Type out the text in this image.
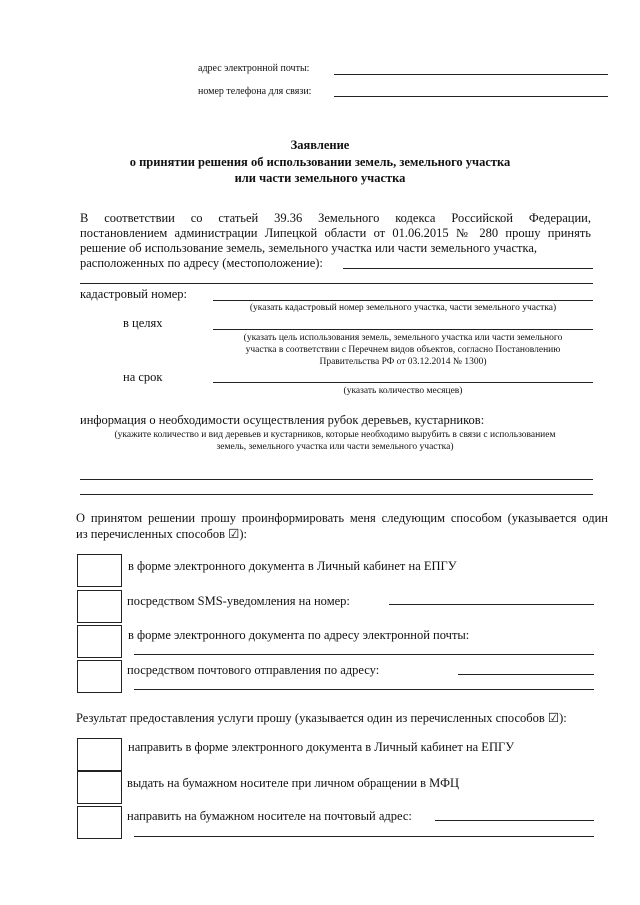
адрес электронной почты:
номер телефона для связи:
Заявление
о принятии решения об использовании земель, земельного участка
или части земельного участка
В соответствии со статьей 39.36 Земельного кодекса Российской Федерации,
постановлением администрации Липецкой области от 01.06.2015 № 280 прошу принять
решение об использование земель, земельного участка или части земельного участка,
расположенных по адресу (местоположение):
кадастровый номер:
(указать кадастровый номер земельного участка, части земельного участка)
в целях
(указать цель использования земель, земельного участка или части земельного
участка в соответствии с Перечнем видов объектов, согласно Постановлению
Правительства РФ от 03.12.2014 № 1300)
на срок
(указать количество месяцев)
информация о необходимости осуществления рубок деревьев, кустарников:
(укажите количество и вид деревьев и кустарников, которые необходимо вырубить в связи с использованием
земель, земельного участка или части земельного участка)
О принятом решении прошу проинформировать меня следующим способом (указывается один
из перечисленных способов ☑):
в форме электронного документа в Личный кабинет на ЕПГУ
посредством SMS-уведомления на номер:
в форме электронного документа по адресу электронной почты:
посредством почтового отправления по адресу:
Результат предоставления услуги прошу (указывается один из перечисленных способов ☑):
направить в форме электронного документа в Личный кабинет на ЕПГУ
выдать на бумажном носителе при личном обращении в МФЦ
направить на бумажном носителе на почтовый адрес:
